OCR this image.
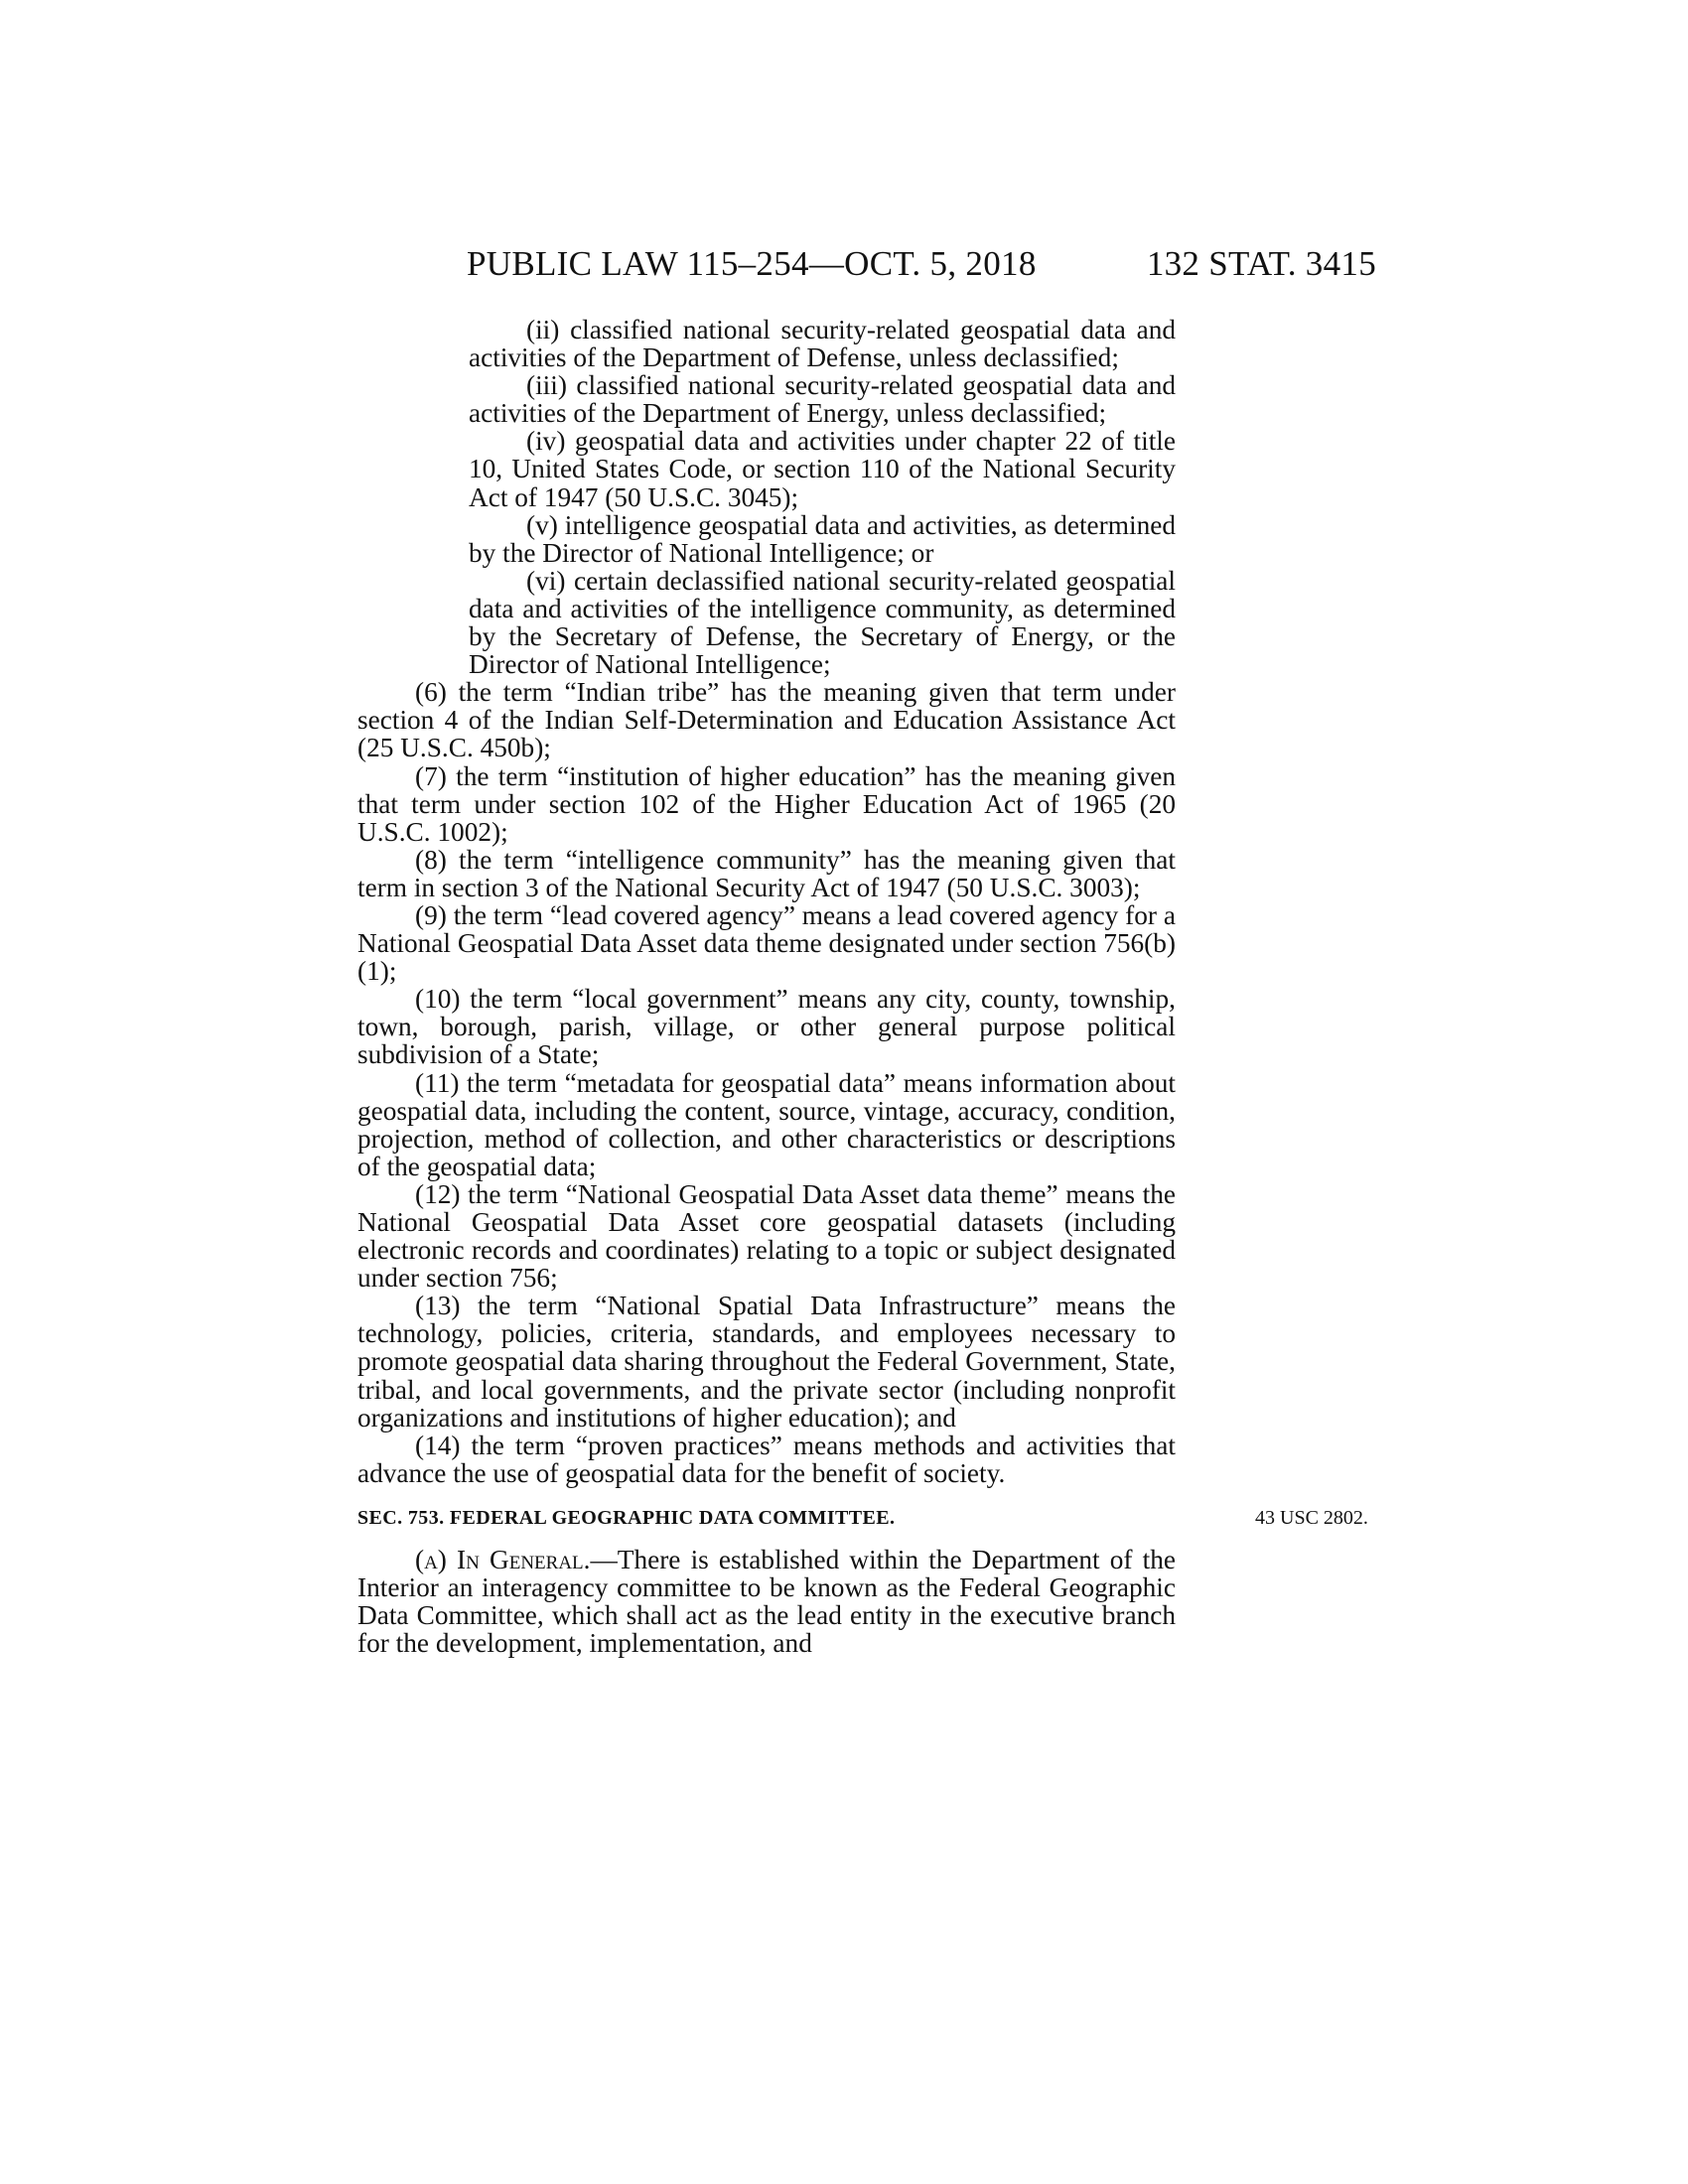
PUBLIC LAW 115–254—OCT. 5, 2018	132 STAT. 3415

(ii) classified national security-related geospatial data and activities of the Department of Defense, unless declassified;

(iii) classified national security-related geospatial data and activities of the Department of Energy, unless declassified;

(iv) geospatial data and activities under chapter 22 of title 10, United States Code, or section 110 of the National Security Act of 1947 (50 U.S.C. 3045);

(v) intelligence geospatial data and activities, as determined by the Director of National Intelligence; or

(vi) certain declassified national security-related geospatial data and activities of the intelligence community, as determined by the Secretary of Defense, the Secretary of Energy, or the Director of National Intelligence;

(6) the term “Indian tribe” has the meaning given that term under section 4 of the Indian Self-Determination and Education Assistance Act (25 U.S.C. 450b);

(7) the term “institution of higher education” has the meaning given that term under section 102 of the Higher Education Act of 1965 (20 U.S.C. 1002);

(8) the term “intelligence community” has the meaning given that term in section 3 of the National Security Act of 1947 (50 U.S.C. 3003);

(9) the term “lead covered agency” means a lead covered agency for a National Geospatial Data Asset data theme designated under section 756(b)(1);

(10) the term “local government” means any city, county, township, town, borough, parish, village, or other general purpose political subdivision of a State;

(11) the term “metadata for geospatial data” means information about geospatial data, including the content, source, vintage, accuracy, condition, projection, method of collection, and other characteristics or descriptions of the geospatial data;

(12) the term “National Geospatial Data Asset data theme” means the National Geospatial Data Asset core geospatial datasets (including electronic records and coordinates) relating to a topic or subject designated under section 756;

(13) the term “National Spatial Data Infrastructure” means the technology, policies, criteria, standards, and employees necessary to promote geospatial data sharing throughout the Federal Government, State, tribal, and local governments, and the private sector (including nonprofit organizations and institutions of higher education); and

(14) the term “proven practices” means methods and activities that advance the use of geospatial data for the benefit of society.

SEC. 753. FEDERAL GEOGRAPHIC DATA COMMITTEE.	43 USC 2802.

(a) In General.—There is established within the Department of the Interior an interagency committee to be known as the Federal Geographic Data Committee, which shall act as the lead entity in the executive branch for the development, implementation, and
